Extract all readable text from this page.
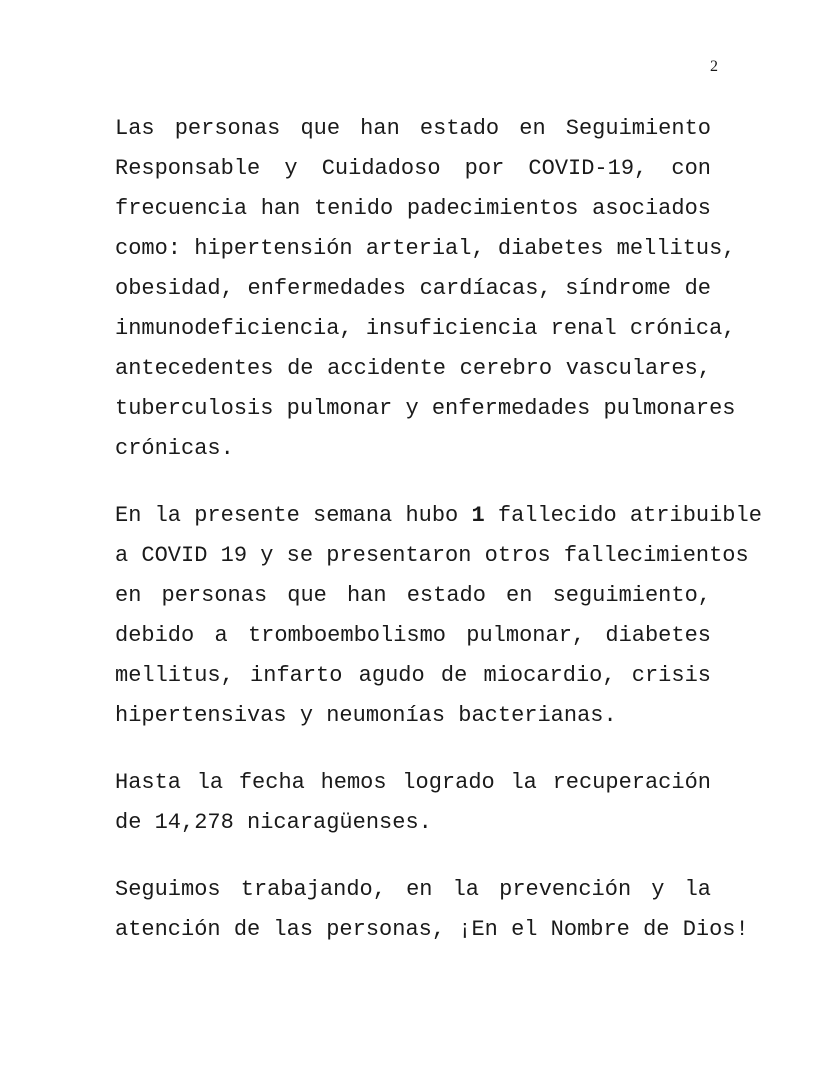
2
Las personas que han estado en Seguimiento
Responsable y Cuidadoso por COVID-19, con
frecuencia han tenido padecimientos asociados
como: hipertensión arterial, diabetes mellitus,
obesidad, enfermedades cardíacas, síndrome de
inmunodeficiencia, insuficiencia renal crónica,
antecedentes de accidente cerebro vasculares,
tuberculosis pulmonar y enfermedades pulmonares
crónicas.
En la presente semana hubo 1 fallecido atribuible
a COVID 19 y se presentaron otros fallecimientos
en personas que han estado en seguimiento,
debido a tromboembolismo pulmonar, diabetes
mellitus, infarto agudo de miocardio, crisis
hipertensivas y neumonías bacterianas.
Hasta la fecha hemos logrado la recuperación
de 14,278 nicaragüenses.
Seguimos trabajando, en la prevención y la
atención de las personas, ¡En el Nombre de Dios!
